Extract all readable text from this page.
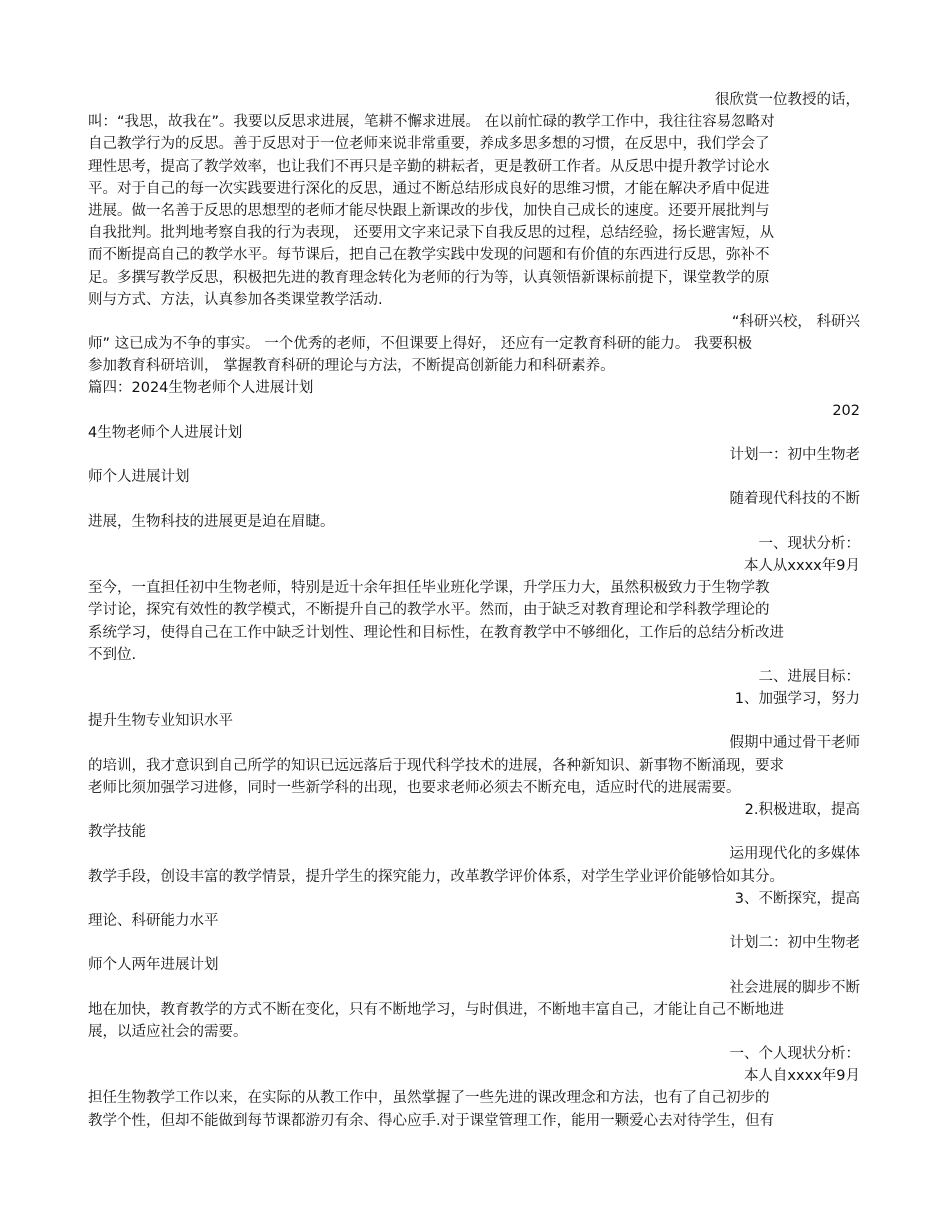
很欣赏一位教授的话，
叫：“我思，故我在”。我要以反思求进展，笔耕不懈求进展。 在以前忙碌的教学工作中，我往往容易忽略对
自己教学行为的反思。善于反思对于一位老师来说非常重要，养成多思多想的习惯，在反思中，我们学会了
理性思考，提高了教学效率，也让我们不再只是辛勤的耕耘者，更是教研工作者。从反思中提升教学讨论水
平。对于自己的每一次实践要进行深化的反思，通过不断总结形成良好的思维习惯，才能在解决矛盾中促进
进展。做一名善于反思的思想型的老师才能尽快跟上新课改的步伐，加快自己成长的速度。还要开展批判与
自我批判。批判地考察自我的行为表现， 还要用文字来记录下自我反思的过程，总结经验，扬长避害短，从
而不断提高自己的教学水平。每节课后，把自己在教学实践中发现的问题和有价值的东西进行反思，弥补不
足。多撰写教学反思，积极把先进的教育理念转化为老师的行为等，认真领悟新课标前提下，课堂教学的原
则与方式、方法，认真参加各类课堂教学活动.
“科研兴校， 科研兴
师” 这已成为不争的事实。 一个优秀的老师，不但课要上得好， 还应有一定教育科研的能力。 我要积极
参加教育科研培训， 掌握教育科研的理论与方法，不断提高创新能力和科研素养。
篇四：2024生物老师个人进展计划
202
4生物老师个人进展计划
计划一：初中生物老
师个人进展计划
随着现代科技的不断
进展，生物科技的进展更是迫在眉睫。
一、现状分析：
本人从xxxx年9月
至今，一直担任初中生物老师，特别是近十余年担任毕业班化学课，升学压力大，虽然积极致力于生物学教
学讨论，探究有效性的教学模式，不断提升自己的教学水平。然而，由于缺乏对教育理论和学科教学理论的
系统学习，使得自己在工作中缺乏计划性、理论性和目标性，在教育教学中不够细化，工作后的总结分析改进
不到位.
二、进展目标：
1、加强学习，努力
提升生物专业知识水平
假期中通过骨干老师
的培训，我才意识到自己所学的知识已远远落后于现代科学技术的进展，各种新知识、新事物不断涌现，要求
老师比须加强学习进修，同时一些新学科的出现，也要求老师必须去不断充电，适应时代的进展需要。
2.积极进取，提高
教学技能
运用现代化的多媒体
教学手段，创设丰富的教学情景，提升学生的探究能力，改革教学评价体系，对学生学业评价能够恰如其分。
3、不断探究，提高
理论、科研能力水平
计划二：初中生物老
师个人两年进展计划
社会进展的脚步不断
地在加快，教育教学的方式不断在变化，只有不断地学习，与时俱进，不断地丰富自己，才能让自己不断地进
展，以适应社会的需要。
一、个人现状分析：
本人自xxxx年9月
担任生物教学工作以来，在实际的从教工作中，虽然掌握了一些先进的课改理念和方法，也有了自己初步的
教学个性，但却不能做到每节课都游刃有余、得心应手.对于课堂管理工作，能用一颗爱心去对待学生，但有
